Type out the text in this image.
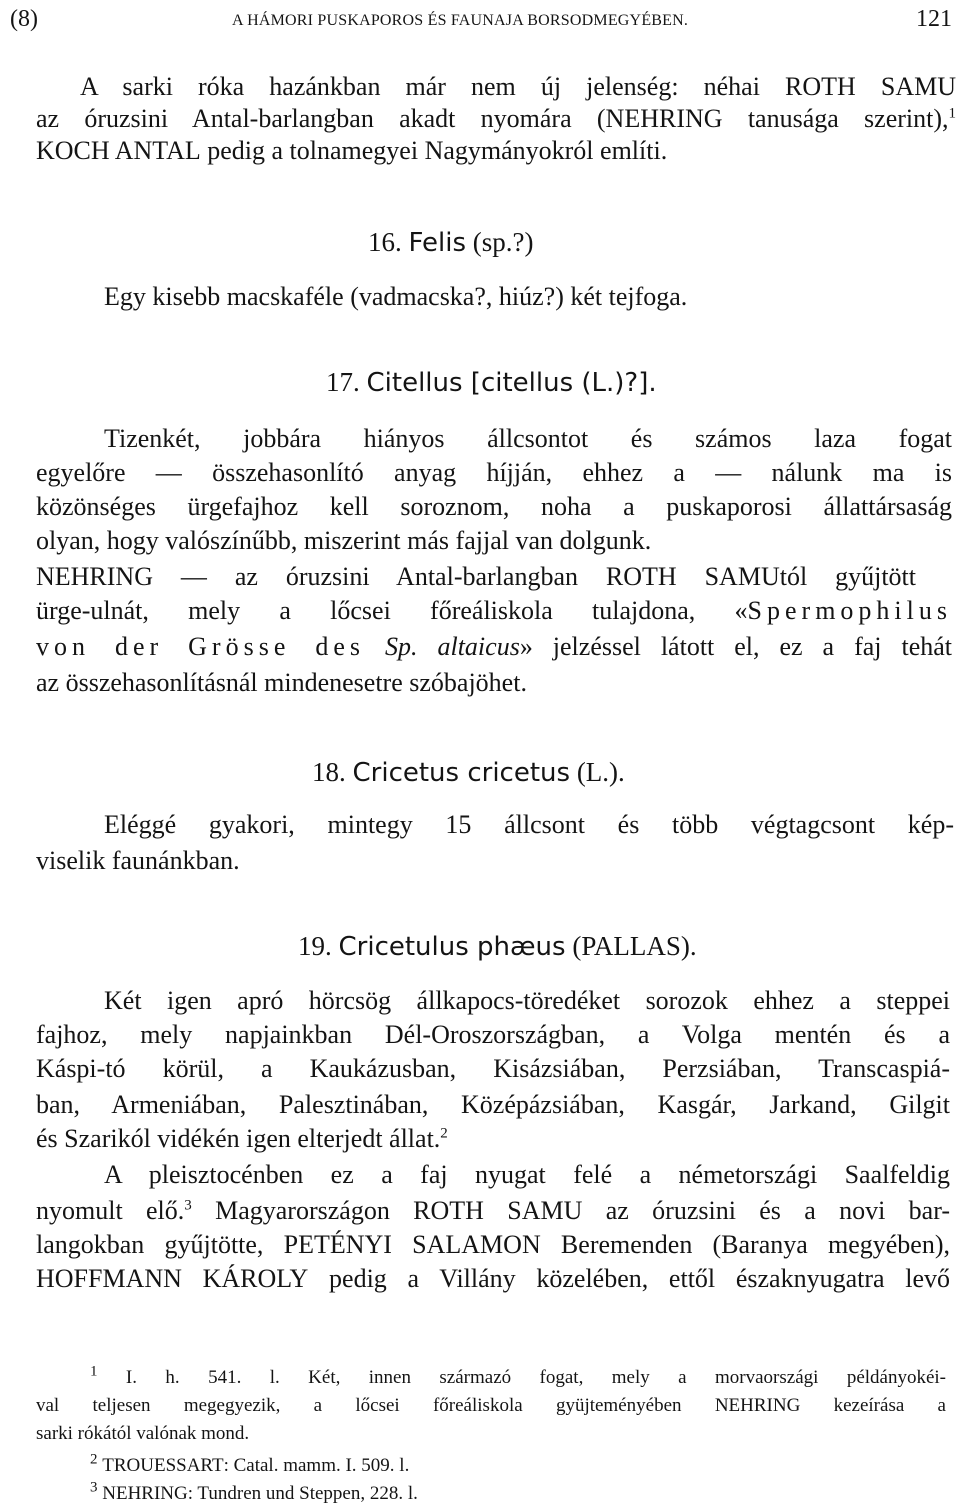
(8)	A HÁMORI PUSKAPOROS ÉS FAUNAJA BORSODMEGYÉBEN.	121
A sarki róka hazánkban már nem új jelenség: néhai ROTH SAMU
az óruzsini Antal-barlangban akadt nyomára (NEHRING tanusága szerint),$^1$
KOCH ANTAL pedig a tolnamegyei Nagymányokról említi.
16. Felis (sp.?)
Egy kisebb macskaféle (vadmacska?, hiúz?) két tejfoga.
17. Citellus [citellus (L.)?].
Tizenkét, jobbára hiányos állcsontot és számos laza fogat
egyelőre — összehasonlító anyag híjján, ehhez a — nálunk ma is
közönséges ürgefajhoz kell soroznom, noha a puskaporosi állattársaság
olyan, hogy valószínűbb, miszerint más fajjal van dolgunk.
NEHRING — az óruzsini Antal-barlangban ROTH SAMUtól gyűjtött
ürge-ulnát, mely a lőcsei főreáliskola tulajdona, «Spermophilus
von der Grösse des Sp. altaicus» jelzéssel látott el, ez a faj tehát
az összehasonlításnál mindenesetre szóbajöhet.
18. Cricetus cricetus (L.).
Eléggé gyakori, mintegy 15 állcsont és több végtagcsont kép-
viselik faunánkban.
19. Cricetulus phæus (PALLAS).
Két igen apró hörcsög állkapocs-töredéket sorozok ehhez a steppei
fajhoz, mely napjainkban Dél-Oroszországban, a Volga mentén és a
Káspi-tó körül, a Kaukázusban, Kisázsiában, Perzsiában, Transcaspiá-
ban, Armeniában, Palesztinában, Középázsiában, Kasgár, Jarkand, Gilgit
és Szarikól vidékén igen elterjedt állat.$^2$
A pleisztocénben ez a faj nyugat felé a németországi Saalfeldig
nyomult elő.$^3$ Magyarországon ROTH SAMU az óruzsini és a novi bar-
langokban gyűjtötte, PETÉNYI SALAMON Beremenden (Baranya megyében),
HOFFMANN KÁROLY pedig a Villány közelében, ettől északnyugatra levő
$^1$ I. h. 541. l. Két, innen származó fogat, mely a morvaországi példányokéi-
val teljesen megegyezik, a lőcsei főreáliskola gyüjteményében NEHRING kezeírása a
sarki rókától valónak mond.
$^2$ TROUESSART: Catal. mamm. I. 509. l.
$^3$ NEHRING: Tundren und Steppen, 228. l.
